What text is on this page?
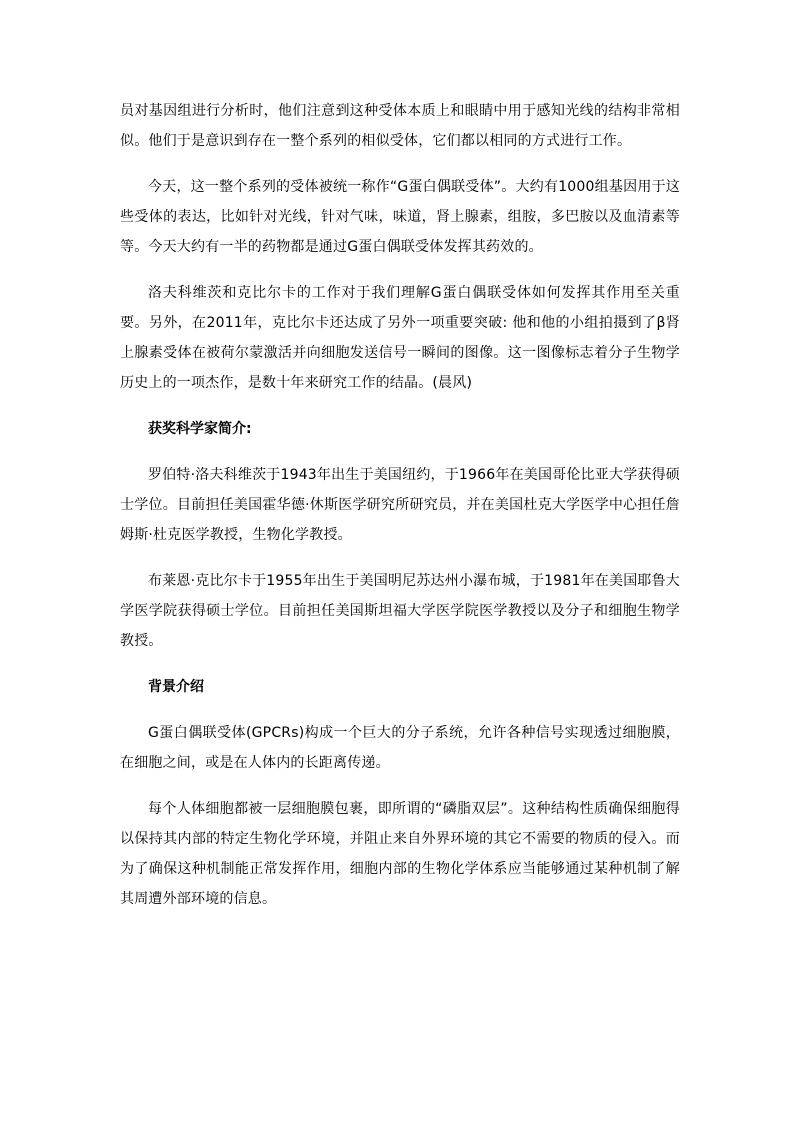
员对基因组进行分析时，他们注意到这种受体本质上和眼睛中用于感知光线的结构非常相似。他们于是意识到存在一整个系列的相似受体，它们都以相同的方式进行工作。

今天，这一整个系列的受体被统一称作“G蛋白偶联受体”。大约有1000组基因用于这些受体的表达，比如针对光线，针对气味，味道，肾上腺素，组胺，多巴胺以及血清素等等。今天大约有一半的药物都是通过G蛋白偶联受体发挥其药效的。

洛夫科维茨和克比尔卡的工作对于我们理解G蛋白偶联受体如何发挥其作用至关重要。另外，在2011年，克比尔卡还达成了另外一项重要突破: 他和他的小组拍摄到了β肾上腺素受体在被荷尔蒙激活并向细胞发送信号一瞬间的图像。这一图像标志着分子生物学历史上的一项杰作，是数十年来研究工作的结晶。(晨风)

获奖科学家简介:

罗伯特·洛夫科维茨于1943年出生于美国纽约，于1966年在美国哥伦比亚大学获得硕士学位。目前担任美国霍华德·休斯医学研究所研究员，并在美国杜克大学医学中心担任詹姆斯·杜克医学教授，生物化学教授。

布莱恩·克比尔卡于1955年出生于美国明尼苏达州小瀑布城，于1981年在美国耶鲁大学医学院获得硕士学位。目前担任美国斯坦福大学医学院医学教授以及分子和细胞生物学教授。

背景介绍

G蛋白偶联受体(GPCRs)构成一个巨大的分子系统，允许各种信号实现透过细胞膜，在细胞之间，或是在人体内的长距离传递。

每个人体细胞都被一层细胞膜包裹，即所谓的“磷脂双层”。这种结构性质确保细胞得以保持其内部的特定生物化学环境，并阻止来自外界环境的其它不需要的物质的侵入。而为了确保这种机制能正常发挥作用，细胞内部的生物化学体系应当能够通过某种机制了解其周遭外部环境的信息。
